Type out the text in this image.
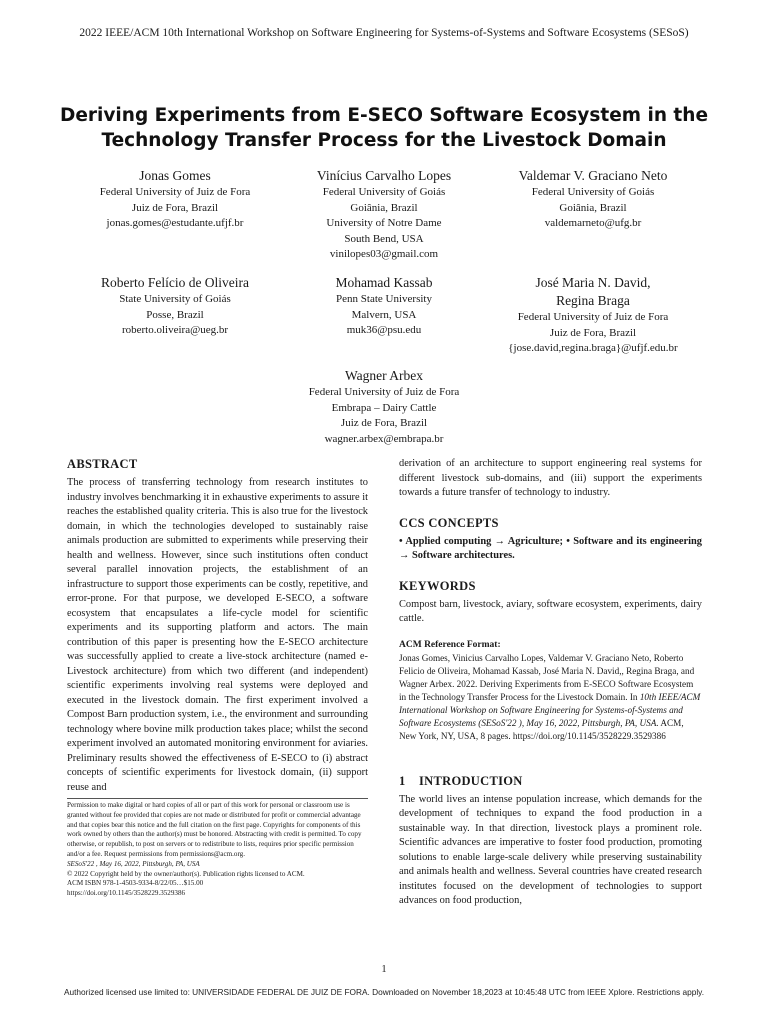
2022 IEEE/ACM 10th International Workshop on Software Engineering for Systems-of-Systems and Software Ecosystems (SESoS)
Deriving Experiments from E-SECO Software Ecosystem in the Technology Transfer Process for the Livestock Domain
Jonas Gomes
Federal University of Juiz de Fora
Juiz de Fora, Brazil
jonas.gomes@estudante.ufjf.br
Vinícius Carvalho Lopes
Federal University of Goiás
Goiânia, Brazil
University of Notre Dame
South Bend, USA
vinilopes03@gmail.com
Valdemar V. Graciano Neto
Federal University of Goiás
Goiânia, Brazil
valdemarneto@ufg.br
Roberto Felício de Oliveira
State University of Goiás
Posse, Brazil
roberto.oliveira@ueg.br
Mohamad Kassab
Penn State University
Malvern, USA
muk36@psu.edu
José Maria N. David,
Regina Braga
Federal University of Juiz de Fora
Juiz de Fora, Brazil
{jose.david,regina.braga}@ufjf.edu.br
Wagner Arbex
Federal University of Juiz de Fora
Embrapa – Dairy Cattle
Juiz de Fora, Brazil
wagner.arbex@embrapa.br
ABSTRACT

The process of transferring technology from research institutes to industry involves benchmarking it in exhaustive experiments to assure it reaches the established quality criteria. This is also true for the livestock domain, in which the technologies developed to sustainably raise animals production are submitted to experiments while preserving their health and wellness. However, since such institutions often conduct several parallel innovation projects, the establishment of an infrastructure to support those experiments can be costly, repetitive, and error-prone. For that purpose, we developed E-SECO, a software ecosystem that encapsulates a life-cycle model for scientific experiments and its supporting platform and actors. The main contribution of this paper is presenting how the E-SECO architecture was successfully applied to create a live-stock architecture (named e-Livestock architecture) from which two different (and independent) scientific experiments involving real systems were deployed and executed in the livestock domain. The first experiment involved a Compost Barn production system, i.e., the environment and surrounding technology where bovine milk production takes place; whilst the second experiment involved an automated monitoring environment for aviaries. Preliminary results showed the effectiveness of E-SECO to (i) abstract concepts of scientific experiments for livestock domain, (ii) support reuse and

Permission to make digital or hard copies of all or part of this work for personal or classroom use is granted without fee provided that copies are not made or distributed for profit or commercial advantage and that copies bear this notice and the full citation on the first page. Copyrights for components of this work owned by others than the author(s) must be honored. Abstracting with credit is permitted. To copy otherwise, or republish, to post on servers or to redistribute to lists, requires prior specific permission and/or a fee. Request permissions from permissions@acm.org.
SESoS'22 , May 16, 2022, Pittsburgh, PA, USA
© 2022 Copyright held by the owner/author(s). Publication rights licensed to ACM.
ACM ISBN 978-1-4503-9334-8/22/05…$15.00
https://doi.org/10.1145/3528229.3529386

derivation of an architecture to support engineering real systems for different livestock sub-domains, and (iii) support the experiments towards a future transfer of technology to industry.

CCS CONCEPTS

• Applied computing → Agriculture; • Software and its engineering → Software architectures.

KEYWORDS

Compost barn, livestock, aviary, software ecosystem, experiments, dairy cattle.

ACM Reference Format:
Jonas Gomes, Vinicius Carvalho Lopes, Valdemar V. Graciano Neto, Roberto Felicio de Oliveira, Mohamad Kassab, José Maria N. David,, Regina Braga, and Wagner Arbex. 2022. Deriving Experiments from E-SECO Software Ecosystem in the Technology Transfer Process for the Livestock Domain. In 10th IEEE/ACM International Workshop on Software Engineering for Systems-of-Systems and Software Ecosystems (SESoS'22 ), May 16, 2022, Pittsburgh, PA, USA. ACM, New York, NY, USA, 8 pages. https://doi.org/10.1145/3528229.3529386
1 INTRODUCTION

The world lives an intense population increase, which demands for the development of techniques to expand the food production in a sustainable way. In that direction, livestock plays a prominent role. Scientific advances are imperative to foster food production, promoting solutions to enable large-scale delivery while preserving sustainability and animals health and wellness. Several countries have created research institutes focused on the development of technologies to support advances on food production,

1
Authorized licensed use limited to: UNIVERSIDADE FEDERAL DE JUIZ DE FORA. Downloaded on November 18,2023 at 10:45:48 UTC from IEEE Xplore. Restrictions apply.
